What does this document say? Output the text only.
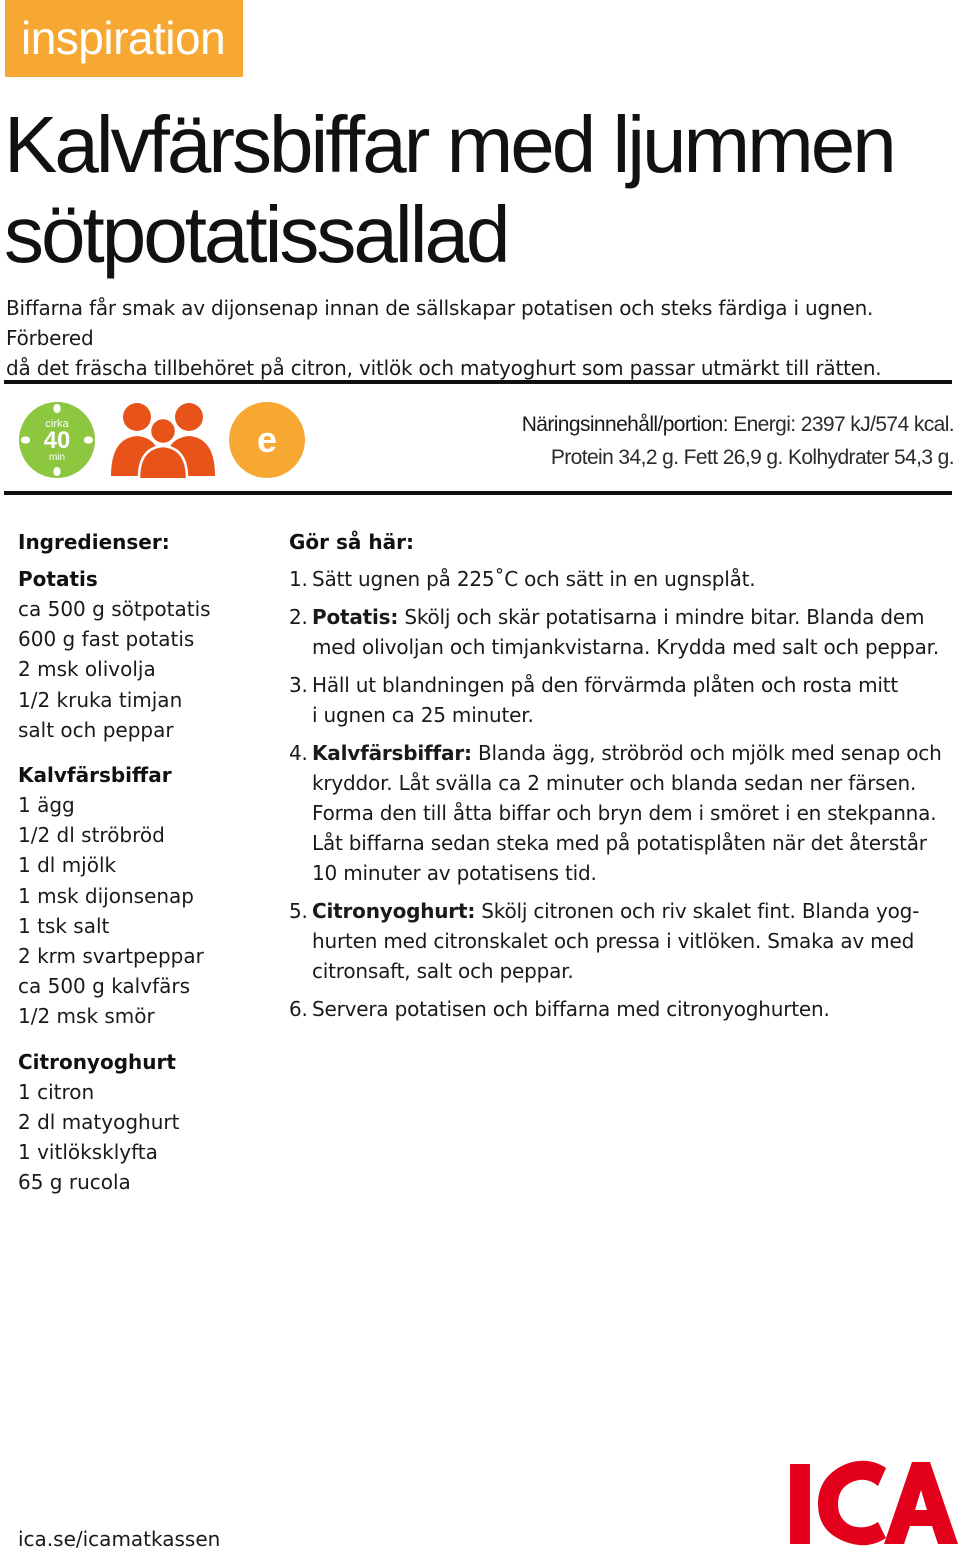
inspiration
Kalvfärsbiffar med ljummen
sötpotatissallad

Biffarna får smak av dijonsenap innan de sällskapar potatisen och steks färdiga i ugnen. Förbered
då det fräscha tillbehöret på citron, vitlök och matyoghurt som passar utmärkt till rätten.

cirka
40
min	e	Näringsinnehåll/portion: Energi: 2397 kJ/574 kcal.
Protein 34,2 g. Fett 26,9 g. Kolhydrater 54,3 g.
Ingredienser:
Potatis
ca 500 g sötpotatis
600 g fast potatis
2 msk olivolja
1/2 kruka timjan
salt och peppar
Kalvfärsbiffar
1 ägg
1/2 dl ströbröd
1 dl mjölk
1 msk dijonsenap
1 tsk salt
2 krm svartpeppar
ca 500 g kalvfärs
1/2 msk smör
Citronyoghurt
1 citron
2 dl matyoghurt
1 vitlöksklyfta
65 g rucola
Gör så här:
1. Sätt ugnen på 225˚C och sätt in en ugnsplåt.
2. Potatis: Skölj och skär potatisarna i mindre bitar. Blanda dem
med olivoljan och timjankvistarna. Krydda med salt och peppar.
3. Häll ut blandningen på den förvärmda plåten och rosta mitt
i ugnen ca 25 minuter.
4. Kalvfärsbiffar: Blanda ägg, ströbröd och mjölk med senap och
kryddor. Låt svälla ca 2 minuter och blanda sedan ner färsen.
Forma den till åtta biffar och bryn dem i smöret i en stekpanna.
Låt biffarna sedan steka med på potatisplåten när det återstår
10 minuter av potatisens tid.
5. Citronyoghurt: Skölj citronen och riv skalet fint. Blanda yog-
hurten med citronskalet och pressa i vitlöken. Smaka av med
citronsaft, salt och peppar.
6. Servera potatisen och biffarna med citronyoghurten.
ica.se/icamatkassen
